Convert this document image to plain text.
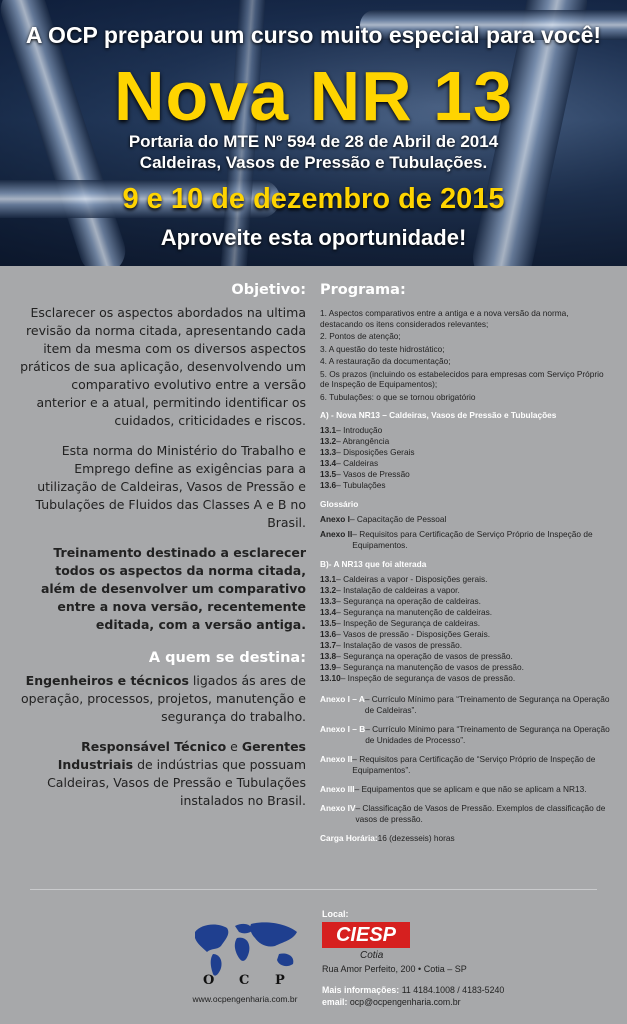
A OCP preparou um curso muito especial para você!
Nova NR 13
Portaria do MTE Nº 594 de 28 de Abril de 2014
Caldeiras, Vasos de Pressão e Tubulações.
9 e 10 de dezembro de 2015
Aproveite esta oportunidade!
Objetivo:

Esclarecer os aspectos abordados na ultima revisão da norma citada, apresentando cada item da mesma com os diversos aspectos práticos de sua aplicação, desenvolvendo um comparativo evolutivo entre a versão anterior e a atual, permitindo identificar os cuidados, criticidades e riscos.

Esta norma do Ministério do Trabalho e Emprego define as exigências para a utilização de Caldeiras, Vasos de Pressão e Tubulações de Fluidos das Classes A e B no Brasil.

Treinamento destinado a esclarecer todos os aspectos da norma citada, além de desenvolver um comparativo entre a nova versão, recentemente editada, com a versão antiga.

A quem se destina:

Engenheiros e técnicos ligados ás ares de operação, processos, projetos, manutenção e segurança do trabalho.

Responsável Técnico e Gerentes Industriais de indústrias que possuam Caldeiras, Vasos de Pressão e Tubulações instalados no Brasil.

Programa:
1. Aspectos comparativos entre a antiga e a nova versão da norma, destacando os itens considerados relevantes;
2. Pontos de atenção;
3. A questão do teste hidrostático;
4. A restauração da documentação;
5. Os prazos (incluindo os estabelecidos para empresas com Serviço Próprio de Inspeção de Equipamentos);
6. Tubulações: o que se tornou obrigatório
A) - Nova NR13 – Caldeiras, Vasos de Pressão e Tubulações
13.1 – Introdução
13.2 – Abrangência
13.3 – Disposições Gerais
13.4 – Caldeiras
13.5 – Vasos de Pressão
13.6 – Tubulações
Glossário
Anexo I – Capacitação de Pessoal
Anexo II – Requisitos para Certificação de Serviço Próprio de Inspeção de Equipamentos.
B)- A NR13 que foi alterada
13.1 – Caldeiras a vapor - Disposições gerais.
13.2 – Instalação de caldeiras a vapor.
13.3 – Segurança na operação de caldeiras.
13.4 – Segurança na manutenção de caldeiras.
13.5 – Inspeção de Segurança de caldeiras.
13.6 – Vasos de pressão - Disposições Gerais.
13.7 – Instalação de vasos de pressão.
13.8 – Segurança na operação de vasos de pressão.
13.9 – Segurança na manutenção de vasos de pressão.
13.10 – Inspeção de segurança de vasos de pressão.
Anexo I – A – Currículo Mínimo para “Treinamento de Segurança na Operação de Caldeiras”.
Anexo I – B – Currículo Mínimo para “Treinamento de Segurança na Operação de Unidades de Processo”.
Anexo II – Requisitos para Certificação de “Serviço Próprio de Inspeção de Equipamentos”.
Anexo III – Equipamentos que se aplicam e que não se aplicam a NR13.
Anexo IV – Classificação de Vasos de Pressão. Exemplos de classificação de vasos de pressão.
Carga Horária: 16 (dezesseis) horas
O C P
www.ocpengenharia.com.br
Local:
CIESP
Cotia
Rua Amor Perfeito, 200 • Cotia – SP
Mais informações: 11 4184.1008 / 4183-5240
email: ocp@ocpengenharia.com.br
